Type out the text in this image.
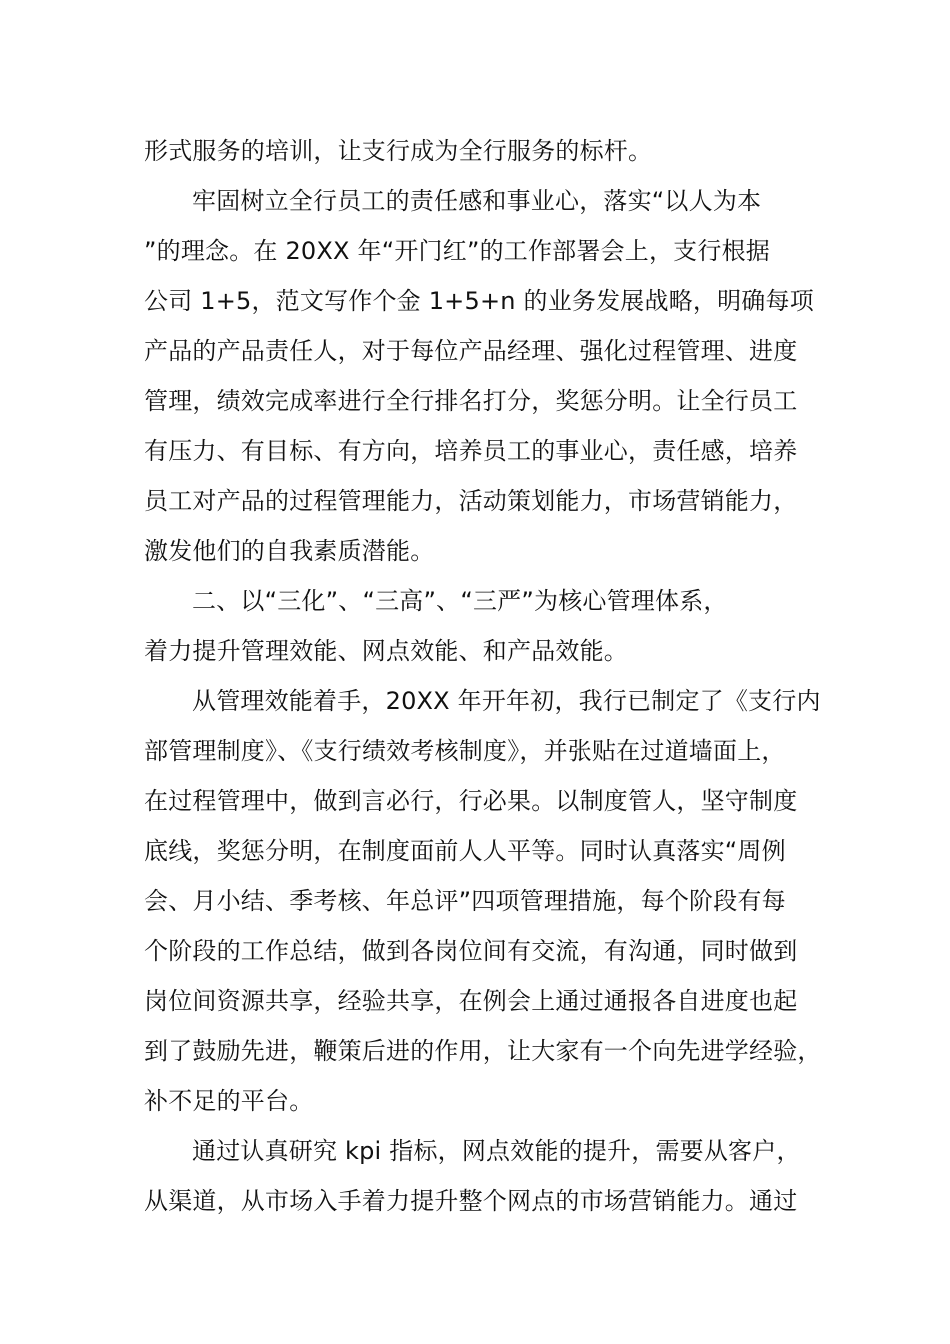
形式服务的培训，让支行成为全行服务的标杆。
牢固树立全行员工的责任感和事业心，落实“以人为本
”的理念。在 20XX 年“开门红”的工作部署会上，支行根据
公司 1+5，范文写作个金 1+5+n 的业务发展战略，明确每项
产品的产品责任人，对于每位产品经理、强化过程管理、进度
管理，绩效完成率进行全行排名打分，奖惩分明。让全行员工
有压力、有目标、有方向，培养员工的事业心，责任感，培养
员工对产品的过程管理能力，活动策划能力，市场营销能力，
激发他们的自我素质潜能。
二、以“三化”、“三高”、“三严”为核心管理体系，
着力提升管理效能、网点效能、和产品效能。
从管理效能着手，20XX 年开年初，我行已制定了《支行内
部管理制度》、《支行绩效考核制度》，并张贴在过道墙面上，
在过程管理中，做到言必行，行必果。以制度管人，坚守制度
底线，奖惩分明，在制度面前人人平等。同时认真落实“周例
会、月小结、季考核、年总评”四项管理措施，每个阶段有每
个阶段的工作总结，做到各岗位间有交流，有沟通，同时做到
岗位间资源共享，经验共享，在例会上通过通报各自进度也起
到了鼓励先进，鞭策后进的作用，让大家有一个向先进学经验，
补不足的平台。
通过认真研究 kpi 指标，网点效能的提升，需要从客户，
从渠道，从市场入手着力提升整个网点的市场营销能力。通过
